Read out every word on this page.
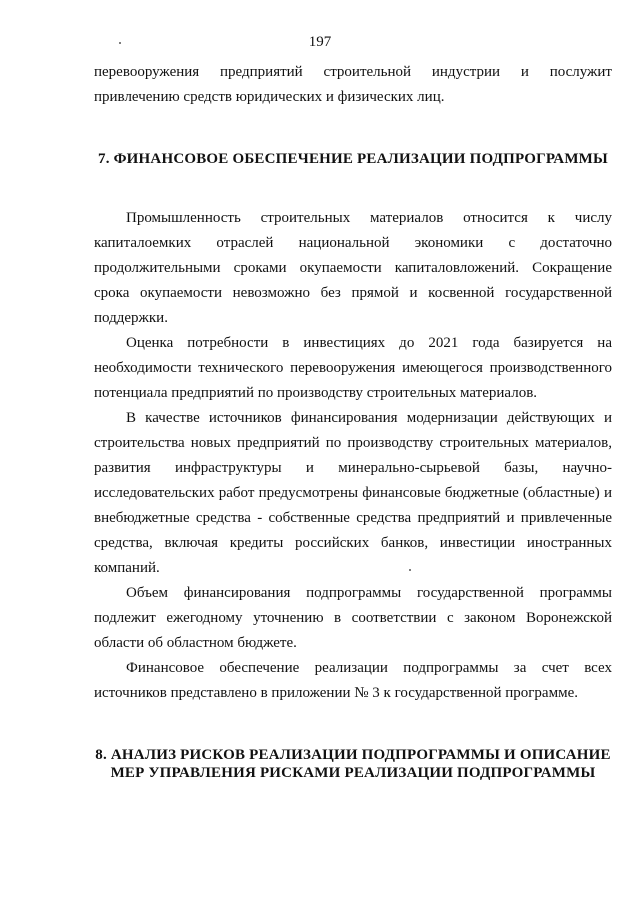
197

перевооружения предприятий строительной индустрии и послужит привлечению средств юридических и физических лиц.

7. ФИНАНСОВОЕ ОБЕСПЕЧЕНИЕ РЕАЛИЗАЦИИ ПОДПРОГРАММЫ

Промышленность строительных материалов относится к числу капиталоемких отраслей национальной экономики с достаточно продолжительными сроками окупаемости капиталовложений. Сокращение срока окупаемости невозможно без прямой и косвенной государственной поддержки.

Оценка потребности в инвестициях до 2021 года базируется на необходимости технического перевооружения имеющегося производственного потенциала предприятий по производству строительных материалов.

В качестве источников финансирования модернизации действующих и строительства новых предприятий по производству строительных материалов, развития инфраструктуры и минерально-сырьевой базы, научно-исследовательских работ предусмотрены финансовые бюджетные (областные) и внебюджетные средства - собственные средства предприятий и привлеченные средства, включая кредиты российских банков, инвестиции иностранных компаний.

Объем финансирования подпрограммы государственной программы подлежит ежегодному уточнению в соответствии с законом Воронежской области об областном бюджете.

Финансовое обеспечение реализации подпрограммы за счет всех источников представлено в приложении № 3 к государственной программе.

8. АНАЛИЗ РИСКОВ РЕАЛИЗАЦИИ ПОДПРОГРАММЫ И ОПИСАНИЕ
МЕР УПРАВЛЕНИЯ РИСКАМИ РЕАЛИЗАЦИИ ПОДПРОГРАММЫ
